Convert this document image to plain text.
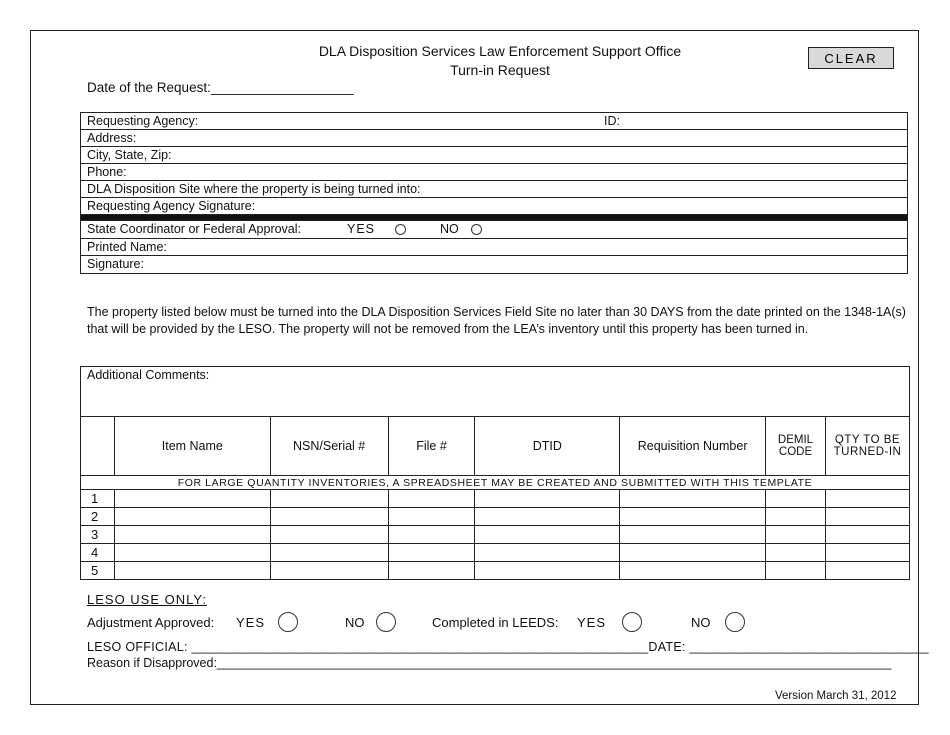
DLA Disposition Services Law Enforcement Support Office
Turn-in Request
CLEAR
Date of the Request:___________________
Requesting Agency:	ID:
Address:
City, State, Zip:
Phone:
DLA Disposition Site where the property is being turned into:
Requesting Agency Signature:
State Coordinator or Federal Approval:	YES	NO
Printed Name:
Signature:
The property listed below must be turned into the DLA Disposition Services Field Site no later than 30 DAYS from the date printed on the 1348-1A(s) that will be provided by the LESO. The property will not be removed from the LEA’s inventory until this property has been turned in.
Additional Comments:
	Item Name	NSN/Serial #	File #	DTID	Requisition Number	DEMIL CODE	QTY TO BE TURNED-IN
FOR LARGE QUANTITY INVENTORIES, A SPREADSHEET MAY BE CREATED AND SUBMITTED WITH THIS TEMPLATE							
1							
2							
3							
4							
5							
LESO USE ONLY:
Adjustment Approved: YES	NO	Completed in LEEDS: YES	NO
LESO OFFICIAL: _______________________________________________________________DATE: _________________________________
Reason if Disapproved:_________________________________________________________________________________________________
Version March 31, 2012
